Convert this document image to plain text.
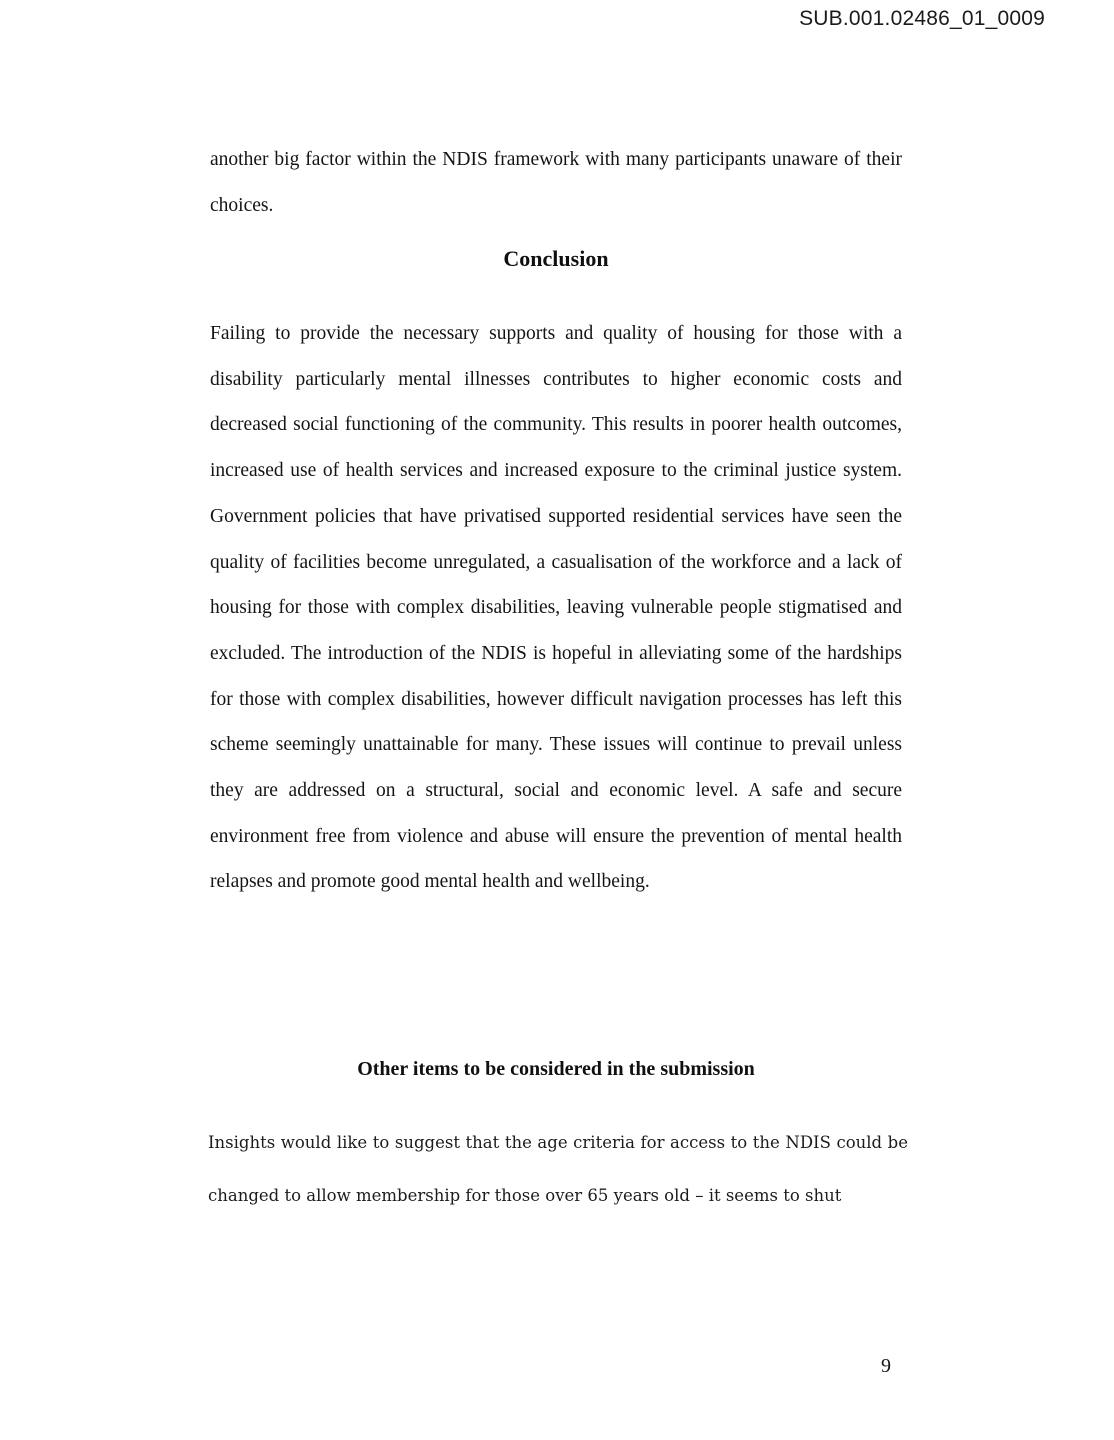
SUB.001.02486_01_0009

another big factor within the NDIS framework with many participants unaware of their choices.

Conclusion

Failing to provide the necessary supports and quality of housing for those with a disability particularly mental illnesses contributes to higher economic costs and decreased social functioning of the community. This results in poorer health outcomes, increased use of health services and increased exposure to the criminal justice system. Government policies that have privatised supported residential services have seen the quality of facilities become unregulated, a casualisation of the workforce and a lack of housing for those with complex disabilities, leaving vulnerable people stigmatised and excluded. The introduction of the NDIS is hopeful in alleviating some of the hardships for those with complex disabilities, however difficult navigation processes has left this scheme seemingly unattainable for many. These issues will continue to prevail unless they are addressed on a structural, social and economic level. A safe and secure environment free from violence and abuse will ensure the prevention of mental health relapses and promote good mental health and wellbeing.

Other items to be considered in the submission

Insights would like to suggest that the age criteria for access to the NDIS could be changed to allow membership for those over 65 years old – it seems to shut

9
